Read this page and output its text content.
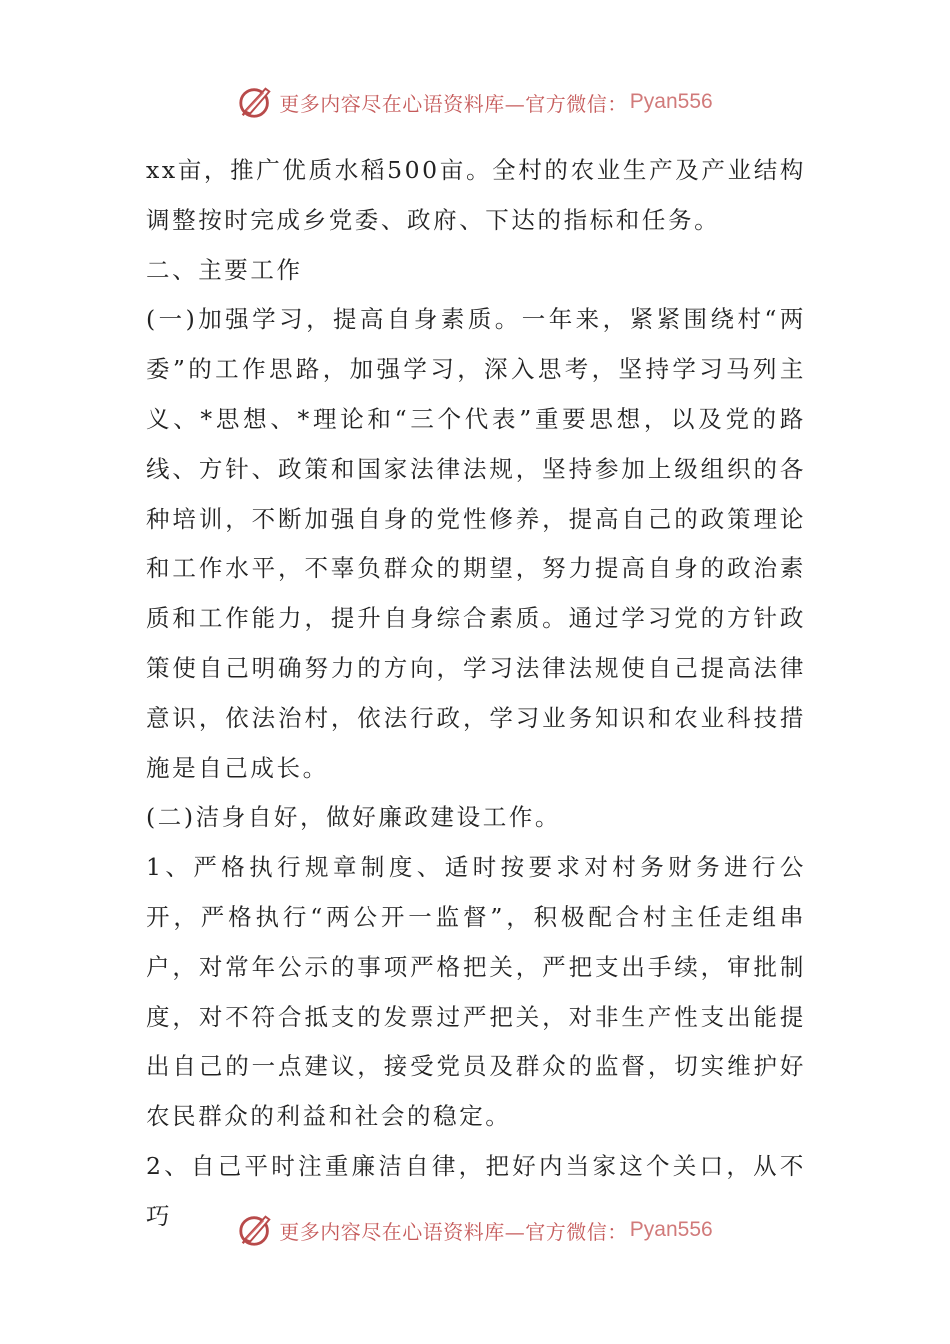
更多内容尽在心语资料库—官方微信： Pyan556

xx亩，推广优质水稻500亩。全村的农业生产及产业结构调整按时完成乡党委、政府、下达的指标和任务。

二、主要工作

(一)加强学习，提高自身素质。一年来，紧紧围绕村“两委”的工作思路，加强学习，深入思考，坚持学习马列主义、*思想、*理论和“三个代表”重要思想，以及党的路线、方针、政策和国家法律法规，坚持参加上级组织的各种培训，不断加强自身的党性修养，提高自己的政策理论和工作水平，不辜负群众的期望，努力提高自身的政治素质和工作能力，提升自身综合素质。通过学习党的方针政策使自己明确努力的方向，学习法律法规使自己提高法律意识，依法治村，依法行政，学习业务知识和农业科技措施是自己成长。

(二)洁身自好，做好廉政建设工作。

1、严格执行规章制度、适时按要求对村务财务进行公开，严格执行“两公开一监督”，积极配合村主任走组串户，对常年公示的事项严格把关，严把支出手续，审批制度，对不符合抵支的发票过严把关，对非生产性支出能提出自己的一点建议，接受党员及群众的监督，切实维护好农民群众的利益和社会的稳定。

2、自己平时注重廉洁自律，把好内当家这个关口，从不巧

更多内容尽在心语资料库—官方微信： Pyan556
